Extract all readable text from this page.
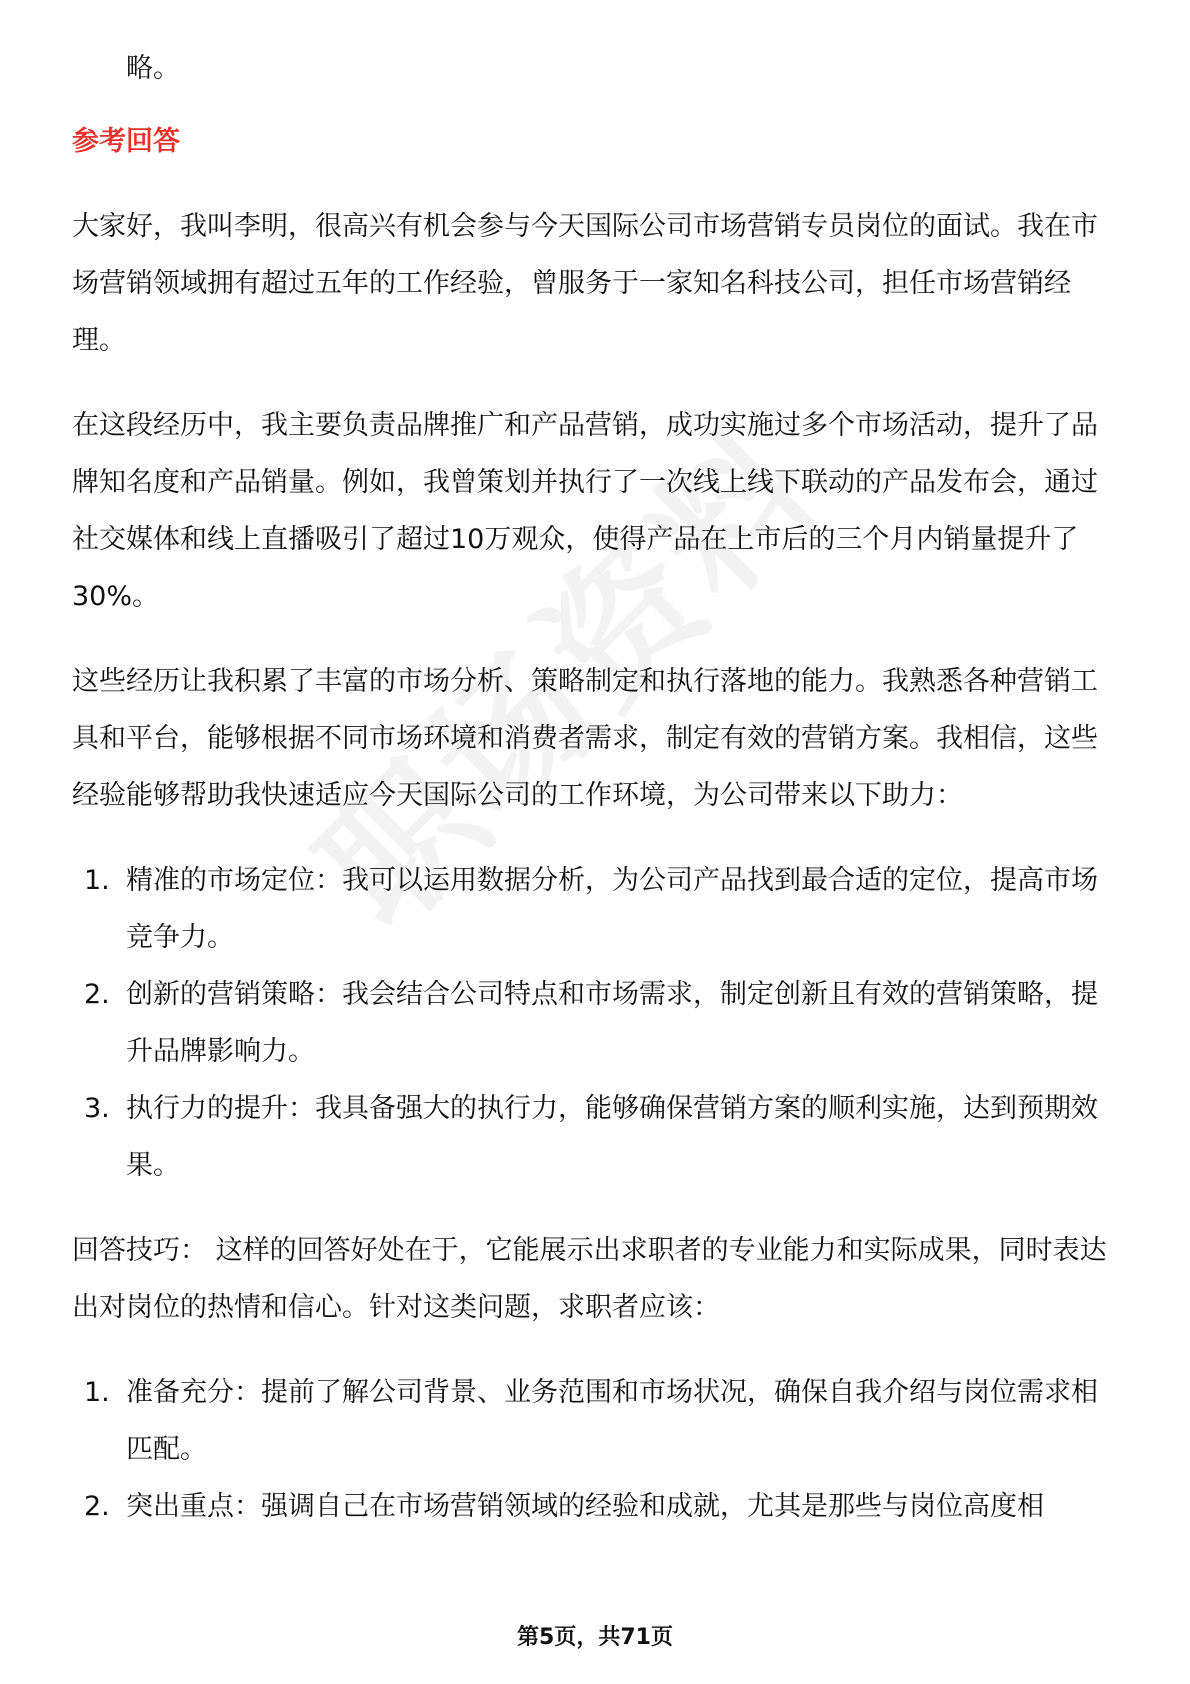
略。

参考回答

大家好，我叫李明，很高兴有机会参与今天国际公司市场营销专员岗位的面试。我在市场营销领域拥有超过五年的工作经验，曾服务于一家知名科技公司，担任市场营销经理。

在这段经历中，我主要负责品牌推广和产品营销，成功实施过多个市场活动，提升了品牌知名度和产品销量。例如，我曾策划并执行了一次线上线下联动的产品发布会，通过社交媒体和线上直播吸引了超过10万观众，使得产品在上市后的三个月内销量提升了30%。

这些经历让我积累了丰富的市场分析、策略制定和执行落地的能力。我熟悉各种营销工具和平台，能够根据不同市场环境和消费者需求，制定有效的营销方案。我相信，这些经验能够帮助我快速适应今天国际公司的工作环境，为公司带来以下助力：

1. 精准的市场定位：我可以运用数据分析，为公司产品找到最合适的定位，提高市场竞争力。
2. 创新的营销策略：我会结合公司特点和市场需求，制定创新且有效的营销策略，提升品牌影响力。
3. 执行力的提升：我具备强大的执行力，能够确保营销方案的顺利实施，达到预期效果。

回答技巧： 这样的回答好处在于，它能展示出求职者的专业能力和实际成果，同时表达出对岗位的热情和信心。针对这类问题，求职者应该：

1. 准备充分：提前了解公司背景、业务范围和市场状况，确保自我介绍与岗位需求相匹配。
2. 突出重点：强调自己在市场营销领域的经验和成就，尤其是那些与岗位高度相
第5页，共71页
